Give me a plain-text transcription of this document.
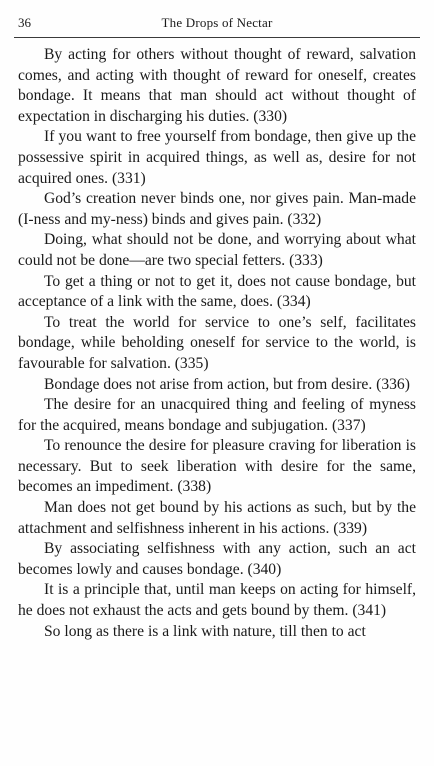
36	The Drops of Nectar

By acting for others without thought of reward, salvation comes, and acting with thought of reward for oneself, creates bondage. It means that man should act without thought of expectation in discharging his duties. (330)

If you want to free yourself from bondage, then give up the possessive spirit in acquired things, as well as, desire for not acquired ones. (331)

God’s creation never binds one, nor gives pain. Man-made (I-ness and my-ness) binds and gives pain. (332)

Doing, what should not be done, and worrying about what could not be done—are two special fetters. (333)

To get a thing or not to get it, does not cause bondage, but acceptance of a link with the same, does. (334)

To treat the world for service to one’s self, facilitates bondage, while beholding oneself for service to the world, is favourable for salvation. (335)

Bondage does not arise from action, but from desire. (336)

The desire for an unacquired thing and feeling of myness for the acquired, means bondage and subjugation. (337)

To renounce the desire for pleasure craving for liberation is necessary. But to seek liberation with desire for the same, becomes an impediment. (338)

Man does not get bound by his actions as such, but by the attachment and selfishness inherent in his actions. (339)

By associating selfishness with any action, such an act becomes lowly and causes bondage. (340)

It is a principle that, until man keeps on acting for himself, he does not exhaust the acts and gets bound by them. (341)

So long as there is a link with nature, till then to act
